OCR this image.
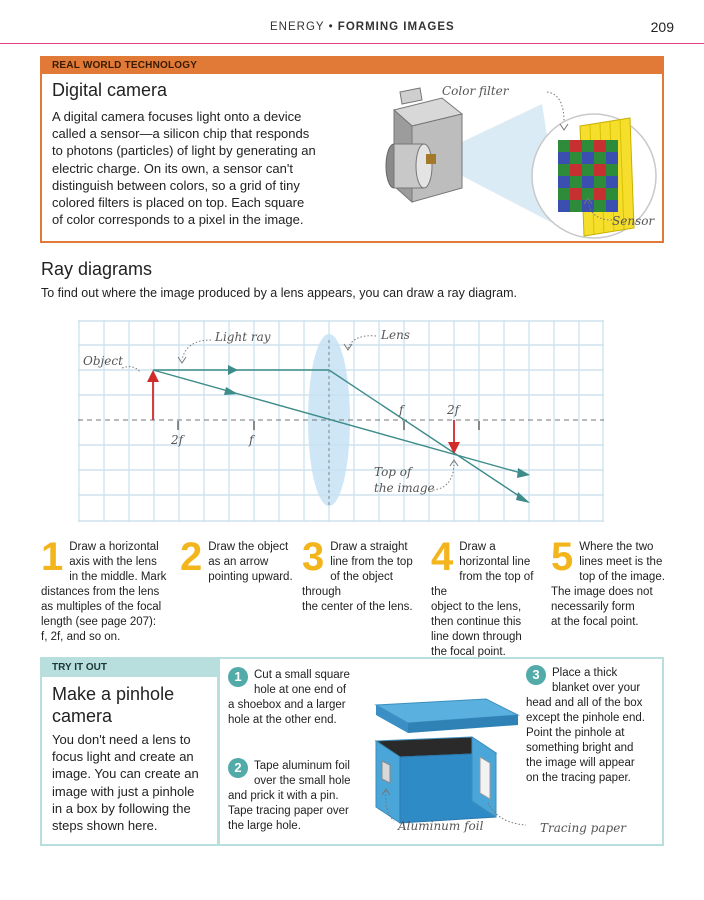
ENERGY • FORMING IMAGES	209
REAL WORLD TECHNOLOGY
Digital camera
A digital camera focuses light onto a device
called a sensor—a silicon chip that responds
to photons (particles) of light by generating an
electric charge. On its own, a sensor can't
distinguish between colors, so a grid of tiny
colored filters is placed on top. Each square
of color corresponds to a pixel in the image.
Color filter
Sensor
Ray diagrams
To find out where the image produced by a lens appears, you can draw a ray diagram.
Object
Light ray	Lens
f	2f
2f	f
Top of
the image
1 Draw a horizontal
axis with the lens
in the middle. Mark
distances from the lens
as multiples of the focal
length (see page 207):
f, 2f, and so on.
2 Draw the object
as an arrow
pointing upward. 3 Draw a straight
line from the top
of the object through
the center of the lens.
4 Draw a
horizontal line
from the top of the
object to the lens,
then continue this
line down through
the focal point.
5 Where the two
lines meet is the
top of the image.
The image does not
necessarily form
at the focal point.
TRY IT OUT
Make a pinhole
camera
You don't need a lens to
focus light and create an
image. You can create an
image with just a pinhole
in a box by following the
steps shown here.
1	Cut a small square
hole at one end of
a shoebox and a larger
hole at the other end.
2	Tape aluminum foil
over the small hole
and prick it with a pin.
Tape tracing paper over
the large hole.
3	Place a thick
blanket over your
head and all of the box
except the pinhole end.
Point the pinhole at
something bright and
the image will appear
on the tracing paper.
Aluminum foil	Tracing paper
